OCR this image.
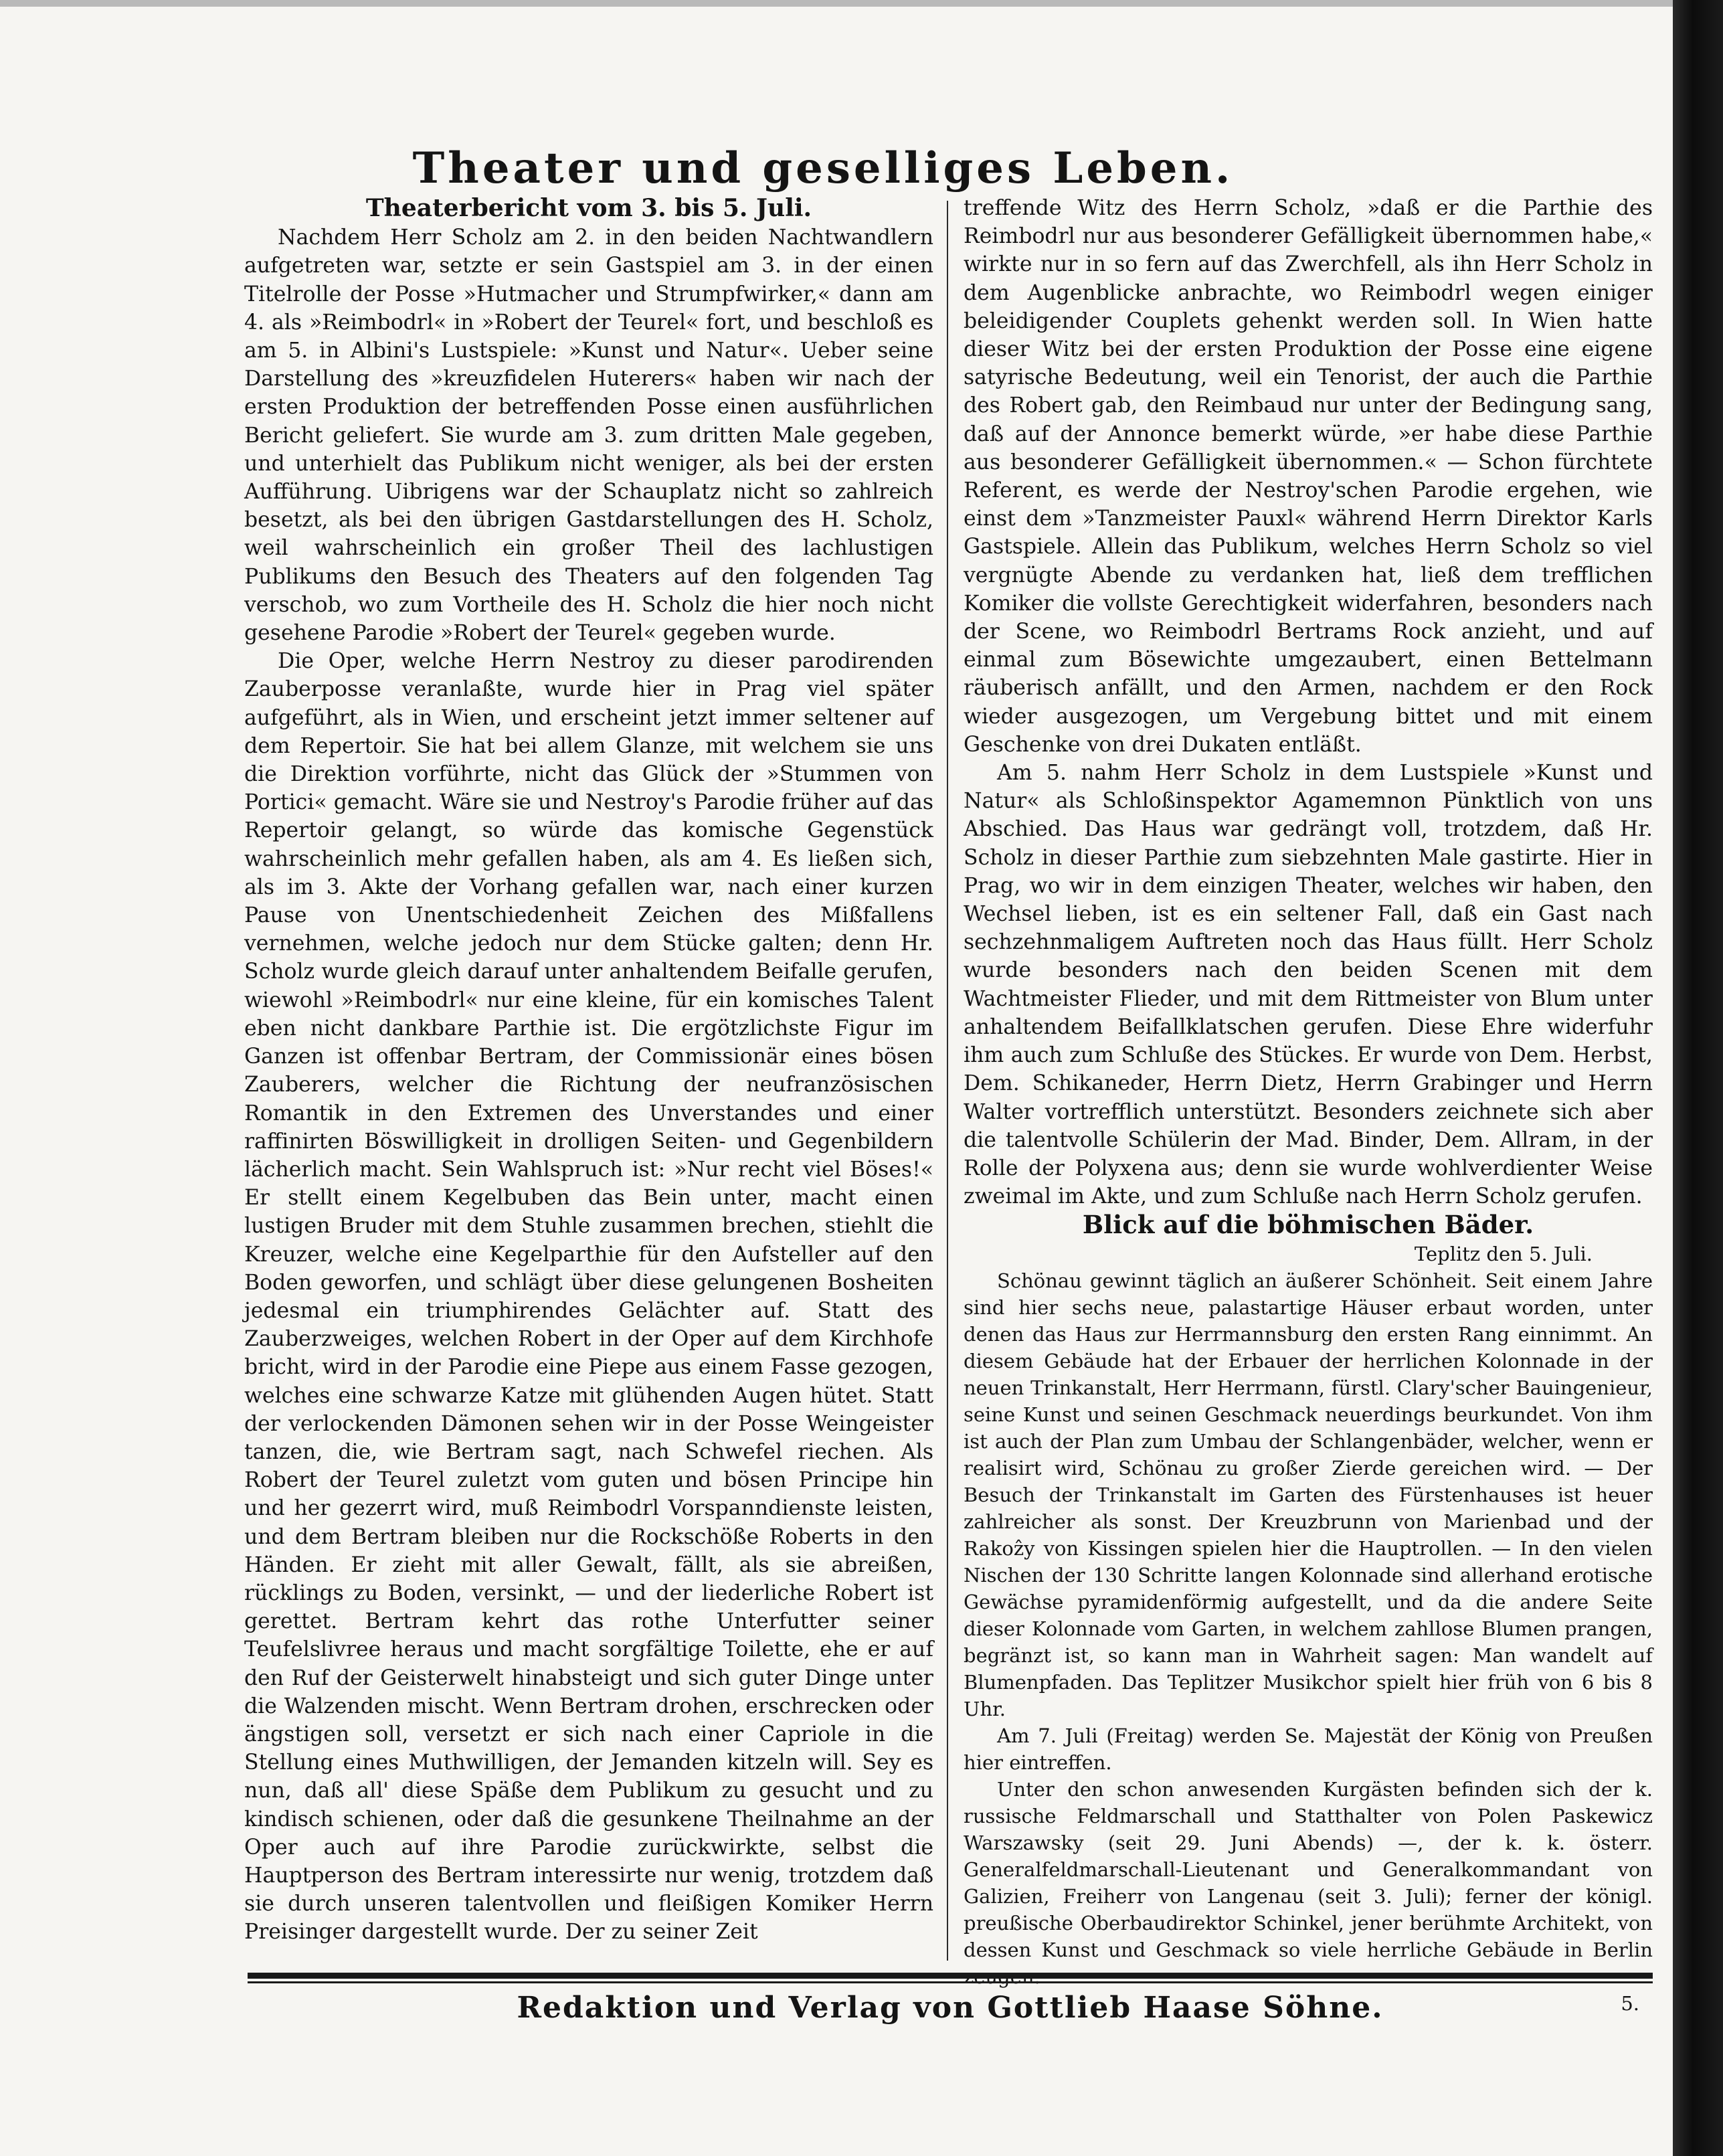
Theater und geselliges Leben.

Theaterbericht vom 3. bis 5. Juli.

Nachdem Herr Scholz am 2. in den beiden Nachtwandlern aufgetreten war, setzte er sein Gastspiel am 3. in der einen Titelrolle der Posse »Hutmacher und Strumpfwirker,« dann am 4. als »Reimbodrl« in »Robert der Teurel« fort, und beschloß es am 5. in Albini's Lustspiele: »Kunst und Natur«. Ueber seine Darstellung des »kreuzfidelen Huterers« haben wir nach der ersten Produktion der betreffenden Posse einen ausführlichen Bericht geliefert. Sie wurde am 3. zum dritten Male gegeben, und unterhielt das Publikum nicht weniger, als bei der ersten Aufführung. Uibrigens war der Schauplatz nicht so zahlreich besetzt, als bei den übrigen Gastdarstellungen des H. Scholz, weil wahrscheinlich ein großer Theil des lachlustigen Publikums den Besuch des Theaters auf den folgenden Tag verschob, wo zum Vortheile des H. Scholz die hier noch nicht gesehene Parodie »Robert der Teurel« gegeben wurde.

Die Oper, welche Herrn Nestroy zu dieser parodirenden Zauberposse veranlaßte, wurde hier in Prag viel später aufgeführt, als in Wien, und erscheint jetzt immer seltener auf dem Repertoir. Sie hat bei allem Glanze, mit welchem sie uns die Direktion vorführte, nicht das Glück der »Stummen von Portici« gemacht. Wäre sie und Nestroy's Parodie früher auf das Repertoir gelangt, so würde das komische Gegenstück wahrscheinlich mehr gefallen haben, als am 4. Es ließen sich, als im 3. Akte der Vorhang gefallen war, nach einer kurzen Pause von Unentschiedenheit Zeichen des Mißfallens vernehmen, welche jedoch nur dem Stücke galten; denn Hr. Scholz wurde gleich darauf unter anhaltendem Beifalle gerufen, wiewohl »Reimbodrl« nur eine kleine, für ein komisches Talent eben nicht dankbare Parthie ist. Die ergötzlichste Figur im Ganzen ist offenbar Bertram, der Commissionär eines bösen Zauberers, welcher die Richtung der neufranzösischen Romantik in den Extremen des Unverstandes und einer raffinirten Böswilligkeit in drolligen Seiten- und Gegenbildern lächerlich macht. Sein Wahlspruch ist: »Nur recht viel Böses!« Er stellt einem Kegelbuben das Bein unter, macht einen lustigen Bruder mit dem Stuhle zusammen brechen, stiehlt die Kreuzer, welche eine Kegelparthie für den Aufsteller auf den Boden geworfen, und schlägt über diese gelungenen Bosheiten jedesmal ein triumphirendes Gelächter auf. Statt des Zauberzweiges, welchen Robert in der Oper auf dem Kirchhofe bricht, wird in der Parodie eine Piepe aus einem Fasse gezogen, welches eine schwarze Katze mit glühenden Augen hütet. Statt der verlockenden Dämonen sehen wir in der Posse Weingeister tanzen, die, wie Bertram sagt, nach Schwefel riechen. Als Robert der Teurel zuletzt vom guten und bösen Principe hin und her gezerrt wird, muß Reimbodrl Vorspanndienste leisten, und dem Bertram bleiben nur die Rockschöße Roberts in den Händen. Er zieht mit aller Gewalt, fällt, als sie abreißen, rücklings zu Boden, versinkt, — und der liederliche Robert ist gerettet. Bertram kehrt das rothe Unterfutter seiner Teufelslivree heraus und macht sorgfältige Toilette, ehe er auf den Ruf der Geisterwelt hinabsteigt und sich guter Dinge unter die Walzenden mischt. Wenn Bertram drohen, erschrecken oder ängstigen soll, versetzt er sich nach einer Capriole in die Stellung eines Muthwilligen, der Jemanden kitzeln will. Sey es nun, daß all' diese Späße dem Publikum zu gesucht und zu kindisch schienen, oder daß die gesunkene Theilnahme an der Oper auch auf ihre Parodie zurückwirkte, selbst die Hauptperson des Bertram interessirte nur wenig, trotzdem daß sie durch unseren talentvollen und fleißigen Komiker Herrn Preisinger dargestellt wurde. Der zu seiner Zeit

treffende Witz des Herrn Scholz, »daß er die Parthie des Reimbodrl nur aus besonderer Gefälligkeit übernommen habe,« wirkte nur in so fern auf das Zwerchfell, als ihn Herr Scholz in dem Augenblicke anbrachte, wo Reimbodrl wegen einiger beleidigender Couplets gehenkt werden soll. In Wien hatte dieser Witz bei der ersten Produktion der Posse eine eigene satyrische Bedeutung, weil ein Tenorist, der auch die Parthie des Robert gab, den Reimbaud nur unter der Bedingung sang, daß auf der Annonce bemerkt würde, »er habe diese Parthie aus besonderer Gefälligkeit übernommen.« — Schon fürchtete Referent, es werde der Nestroy'schen Parodie ergehen, wie einst dem »Tanzmeister Pauxl« während Herrn Direktor Karls Gastspiele. Allein das Publikum, welches Herrn Scholz so viel vergnügte Abende zu verdanken hat, ließ dem trefflichen Komiker die vollste Gerechtigkeit widerfahren, besonders nach der Scene, wo Reimbodrl Bertrams Rock anzieht, und auf einmal zum Bösewichte umgezaubert, einen Bettelmann räuberisch anfällt, und den Armen, nachdem er den Rock wieder ausgezogen, um Vergebung bittet und mit einem Geschenke von drei Dukaten entläßt.

Am 5. nahm Herr Scholz in dem Lustspiele »Kunst und Natur« als Schloßinspektor Agamemnon Pünktlich von uns Abschied. Das Haus war gedrängt voll, trotzdem, daß Hr. Scholz in dieser Parthie zum siebzehnten Male gastirte. Hier in Prag, wo wir in dem einzigen Theater, welches wir haben, den Wechsel lieben, ist es ein seltener Fall, daß ein Gast nach sechzehnmaligem Auftreten noch das Haus füllt. Herr Scholz wurde besonders nach den beiden Scenen mit dem Wachtmeister Flieder, und mit dem Rittmeister von Blum unter anhaltendem Beifallklatschen gerufen. Diese Ehre widerfuhr ihm auch zum Schluße des Stückes. Er wurde von Dem. Herbst, Dem. Schikaneder, Herrn Dietz, Herrn Grabinger und Herrn Walter vortrefflich unterstützt. Besonders zeichnete sich aber die talentvolle Schülerin der Mad. Binder, Dem. Allram, in der Rolle der Polyxena aus; denn sie wurde wohlverdienter Weise zweimal im Akte, und zum Schluße nach Herrn Scholz gerufen.

Blick auf die böhmischen Bäder.

Teplitz den 5. Juli.

Schönau gewinnt täglich an äußerer Schönheit. Seit einem Jahre sind hier sechs neue, palastartige Häuser erbaut worden, unter denen das Haus zur Herrmannsburg den ersten Rang einnimmt. An diesem Gebäude hat der Erbauer der herrlichen Kolonnade in der neuen Trinkanstalt, Herr Herrmann, fürstl. Clary'scher Bauingenieur, seine Kunst und seinen Geschmack neuerdings beurkundet. Von ihm ist auch der Plan zum Umbau der Schlangenbäder, welcher, wenn er realisirt wird, Schönau zu großer Zierde gereichen wird. — Der Besuch der Trinkanstalt im Garten des Fürstenhauses ist heuer zahlreicher als sonst. Der Kreuzbrunn von Marienbad und der Rakoẑy von Kissingen spielen hier die Hauptrollen. — In den vielen Nischen der 130 Schritte langen Kolonnade sind allerhand erotische Gewächse pyramidenförmig aufgestellt, und da die andere Seite dieser Kolonnade vom Garten, in welchem zahllose Blumen prangen, begränzt ist, so kann man in Wahrheit sagen: Man wandelt auf Blumenpfaden. Das Teplitzer Musikchor spielt hier früh von 6 bis 8 Uhr.

Am 7. Juli (Freitag) werden Se. Majestät der König von Preußen hier eintreffen.

Unter den schon anwesenden Kurgästen befinden sich der k. russische Feldmarschall und Statthalter von Polen Paskewicz Warszawsky (seit 29. Juni Abends) —, der k. k. österr. Generalfeldmarschall-Lieutenant und Generalkommandant von Galizien, Freiherr von Langenau (seit 3. Juli); ferner der königl. preußische Oberbaudirektor Schinkel, jener berühmte Architekt, von dessen Kunst und Geschmack so viele herrliche Gebäude in Berlin

5.

Redaktion und Verlag von Gottlieb Haase Söhne.
